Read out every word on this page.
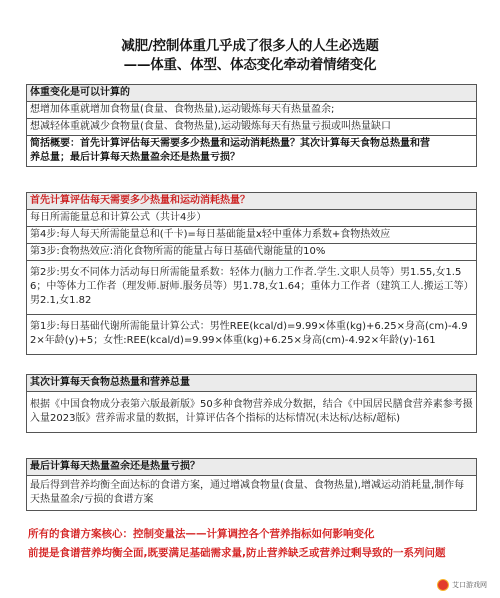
减肥/控制体重几乎成了很多人的人生必选题
——体重、体型、体态变化牵动着情绪变化
体重变化是可以计算的
想增加体重就增加食物量(食量、食物热量),运动锻炼每天有热量盈余;
想减轻体重就减少食物量(食量、食物热量),运动锻炼每天有热量亏损或叫热量缺口
简括概要：首先计算评估每天需要多少热量和运动消耗热量？其次计算每天食物总热量和营
养总量；最后计算每天热量盈余还是热量亏损？
首先计算评估每天需要多少热量和运动消耗热量？
每日所需能量总和计算公式（共计4步）
第4步:每人每天所需能量总和(千卡)=每日基础能量x轻中重体力系数+食物热效应
第3步:食物热效应:消化食物所需的能量占每日基础代谢能量的10%
第2步:男女不同体力活动每日所需能量系数：轻体力(脑力工作者.学生.文职人员等）男1.55,女1.56；中等体力工作者（理发师.厨师.服务员等）男1.78,女1.64；重体力工作者（建筑工人.搬运工等）男2.1,女1.82
第1步:每日基础代谢所需能量计算公式：男性REE(kcal/d)=9.99×体重(kg)+6.25×身高(cm)-4.92×年龄(y)+5；女性:REE(kcal/d)=9.99×体重(kg)+6.25×身高(cm)-4.92×年龄(y)-161
其次计算每天食物总热量和营养总量
根据《中国食物成分表第六版最新版》50多种食物营养成分数据，结合《中国居民膳食营养素参考摄入量2023版》营养需求量的数据，计算评估各个指标的达标情况(未达标/达标/超标)
最后计算每天热量盈余还是热量亏损？
最后得到营养均衡全面达标的食谱方案，通过增减食物量(食量、食物热量),增减运动消耗量,制作每天热量盈余/亏损的食谱方案
所有的食谱方案核心：控制变量法——计算调控各个营养指标如何影响变化
前提是食谱营养均衡全面,既要满足基础需求量,防止营养缺乏或营养过剩导致的一系列问题
艾口游戏网
